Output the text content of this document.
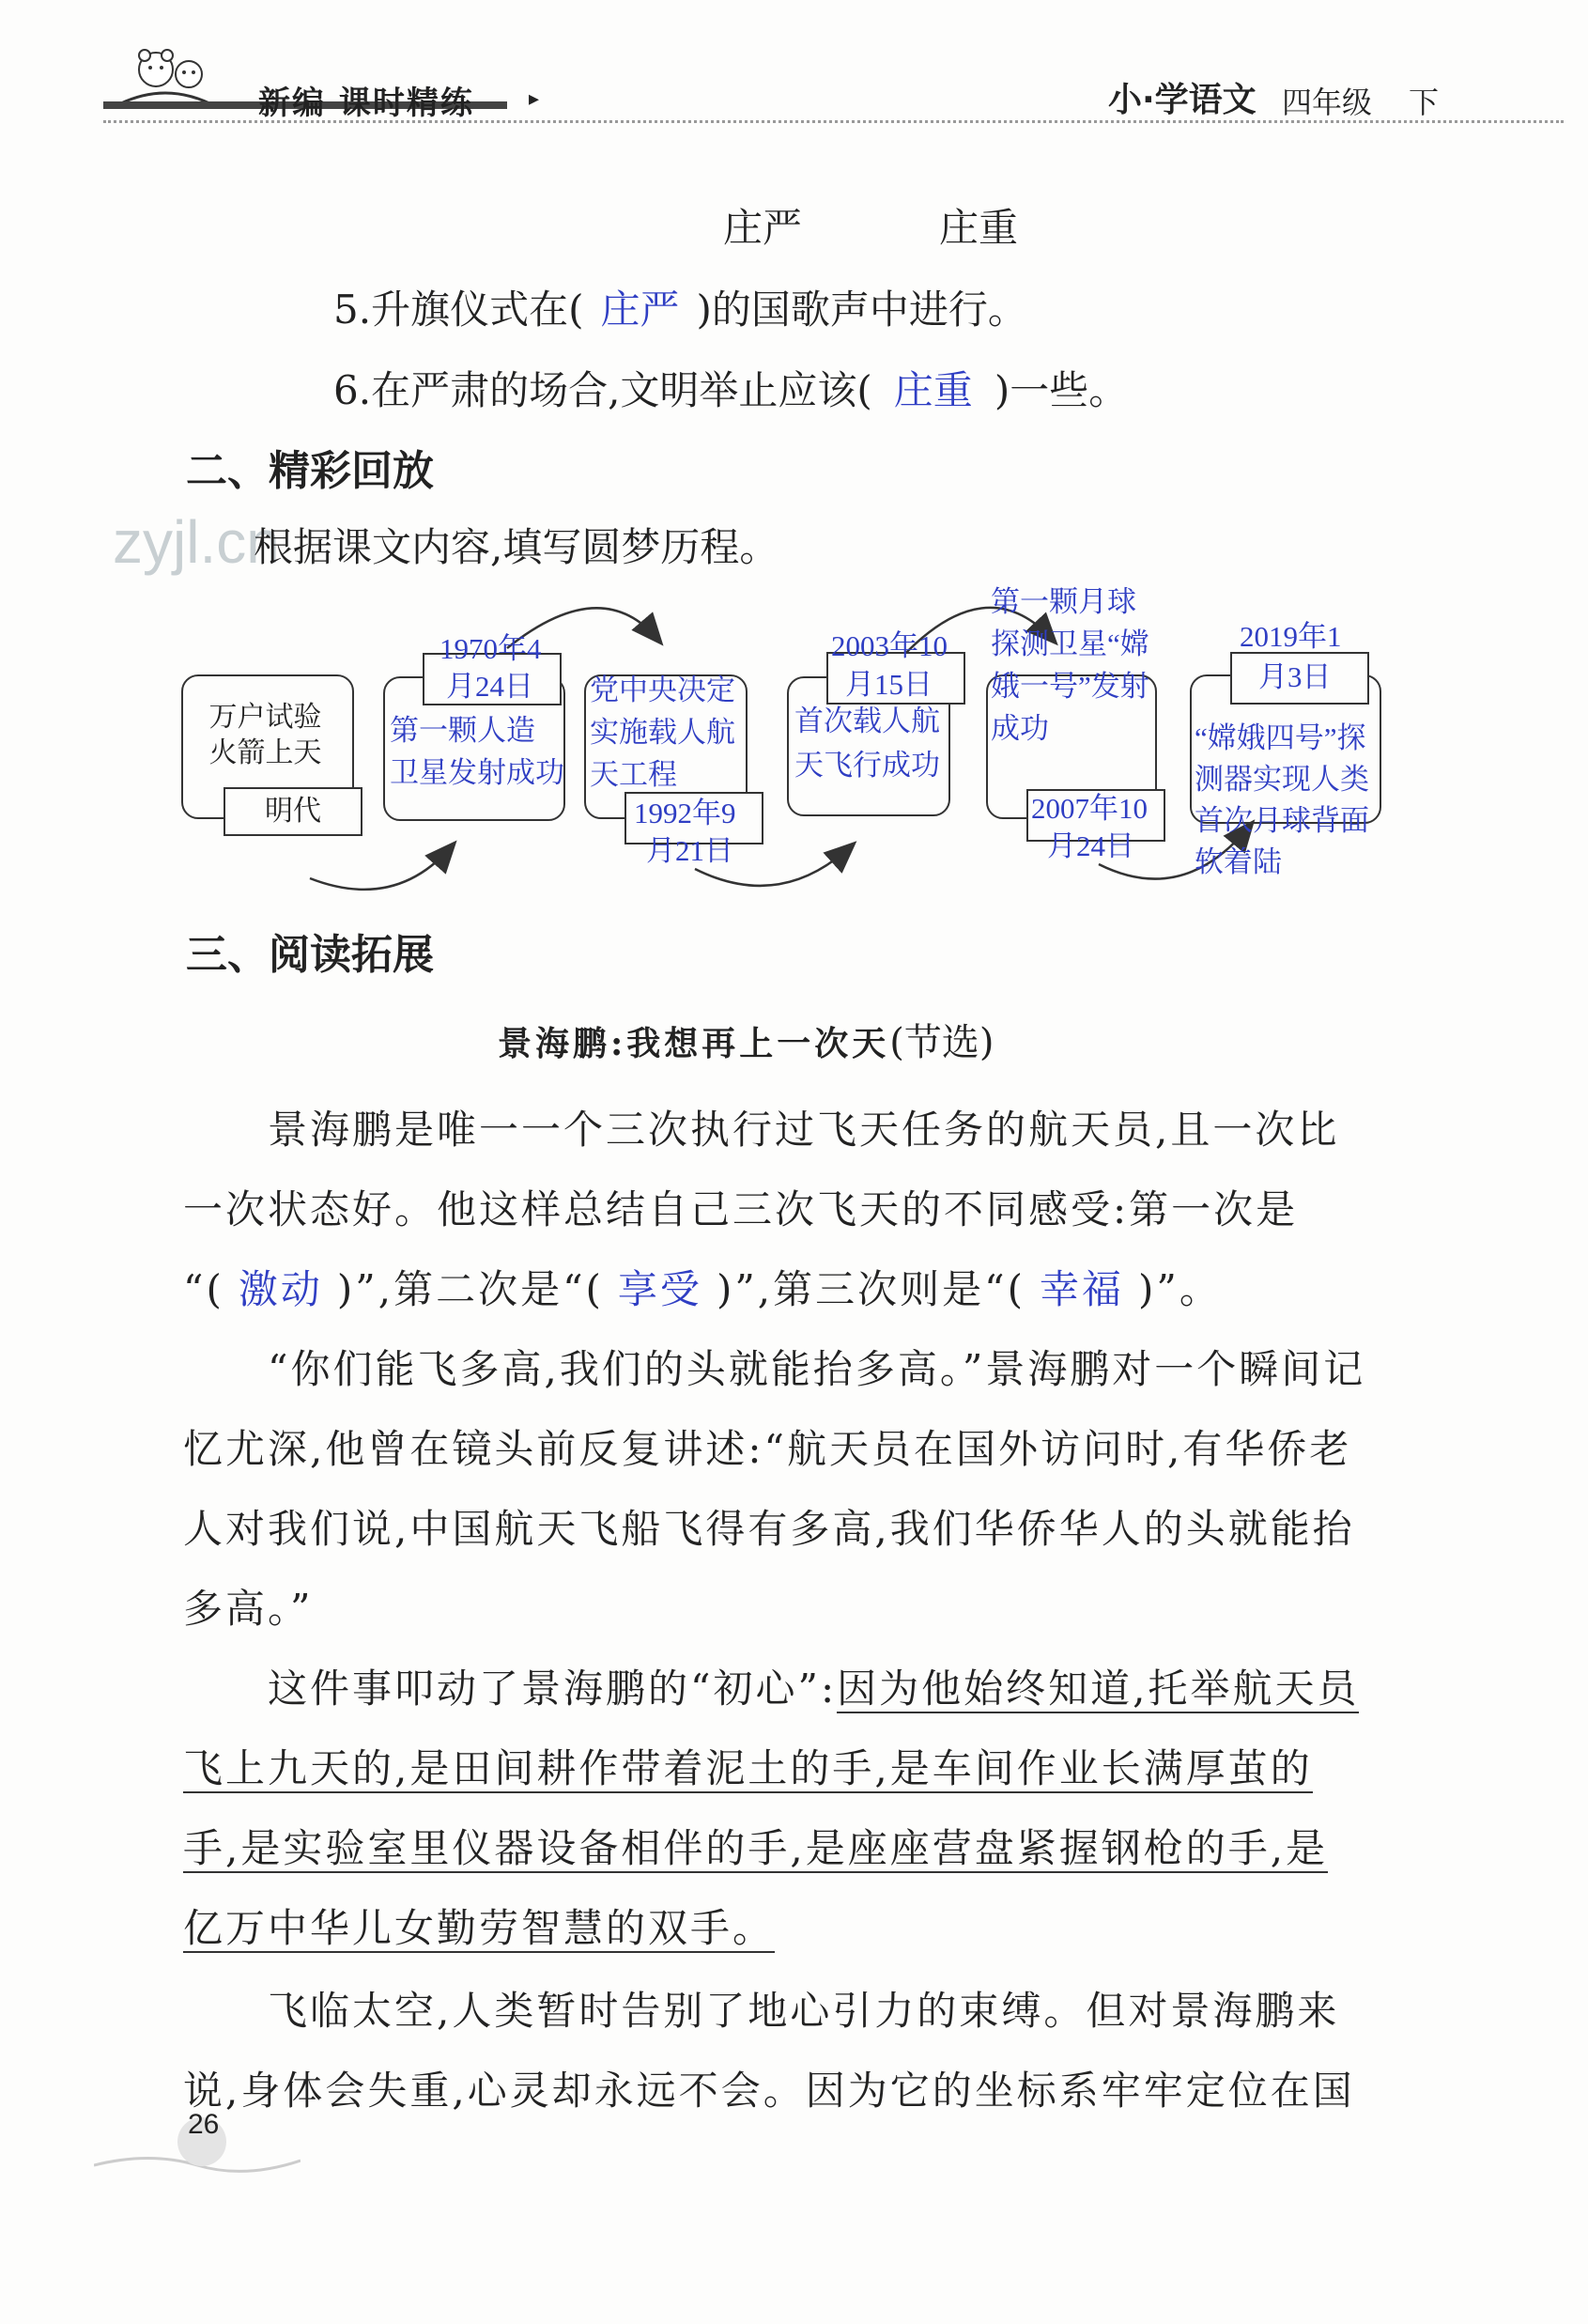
新编 课时精练	▸	小·学语文 四年级 下
庄严	庄重
5.升旗仪式在( 庄严 )的国歌声中进行。
6.在严肃的场合,文明举止应该( 庄重 )一些。
二、精彩回放
zyjl.cn
根据课文内容,填写圆梦历程。
万户试验
火箭上天
明代
1970年4
月24日
第一颗人造
卫星发射成功
党中央决定
实施载人航
天工程
1992年9
月21日
2003年10
月15日
首次载人航
天飞行成功
第一颗月球
探测卫星“嫦
娥一号”发射
成功
2007年10
月24日
2019年1
月3日
“嫦娥四号”探
测器实现人类
首次月球背面
软着陆
三、阅读拓展
景海鹏:我想再上一次天(节选)
景海鹏是唯一一个三次执行过飞天任务的航天员,且一次比
一次状态好。他这样总结自己三次飞天的不同感受:第一次是
“( 激动 )”,第二次是“( 享受 )”,第三次则是“( 幸福 )”。
“你们能飞多高,我们的头就能抬多高。”景海鹏对一个瞬间记
忆尤深,他曾在镜头前反复讲述:“航天员在国外访问时,有华侨老
人对我们说,中国航天飞船飞得有多高,我们华侨华人的头就能抬
多高。”
这件事叩动了景海鹏的“初心”:因为他始终知道,托举航天员
飞上九天的,是田间耕作带着泥土的手,是车间作业长满厚茧的
手,是实验室里仪器设备相伴的手,是座座营盘紧握钢枪的手,是
亿万中华儿女勤劳智慧的双手。
飞临太空,人类暂时告别了地心引力的束缚。但对景海鹏来
说,身体会失重,心灵却永远不会。因为它的坐标系牢牢定位在国
26
